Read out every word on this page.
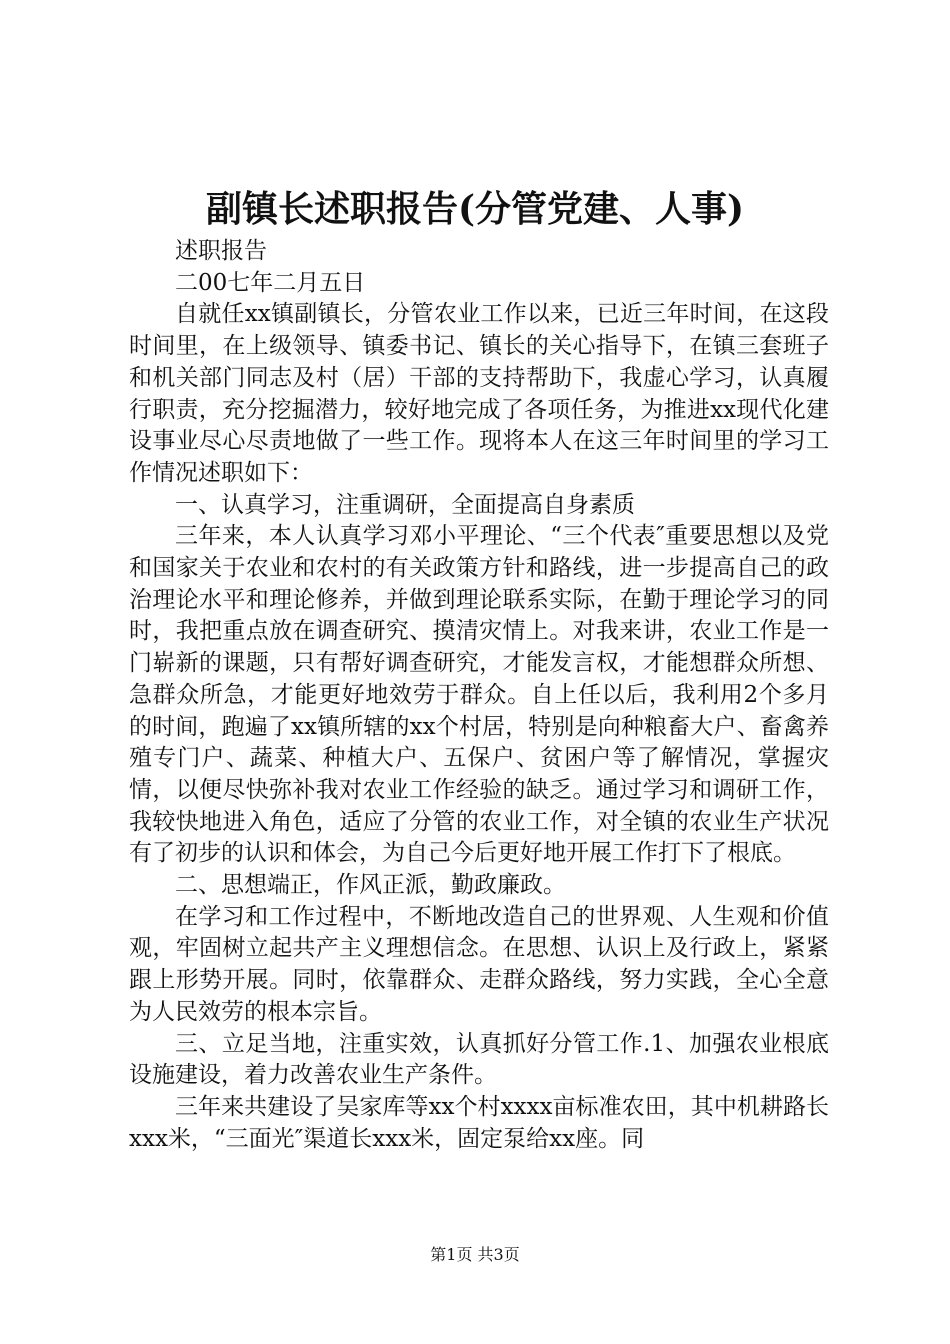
副镇长述职报告(分管党建、人事)

述职报告

二00七年二月五日

自就任xx镇副镇长，分管农业工作以来，已近三年时间，在这段时间里，在上级领导、镇委书记、镇长的关心指导下，在镇三套班子和机关部门同志及村（居）干部的支持帮助下，我虚心学习，认真履行职责，充分挖掘潜力，较好地完成了各项任务，为推进xx现代化建设事业尽心尽责地做了一些工作。现将本人在这三年时间里的学习工作情况述职如下：

一、认真学习，注重调研，全面提高自身素质

三年来，本人认真学习邓小平理论、“三个代表″重要思想以及党和国家关于农业和农村的有关政策方针和路线，进一步提高自己的政治理论水平和理论修养，并做到理论联系实际，在勤于理论学习的同时，我把重点放在调查研究、摸清灾情上。对我来讲，农业工作是一门崭新的课题，只有帮好调查研究，才能发言权，才能想群众所想、急群众所急，才能更好地效劳于群众。自上任以后，我利用2个多月的时间，跑遍了xx镇所辖的xx个村居，特别是向种粮畜大户、畜禽养殖专门户、蔬菜、种植大户、五保户、贫困户等了解情况，掌握灾情，以便尽快弥补我对农业工作经验的缺乏。通过学习和调研工作，我较快地进入角色，适应了分管的农业工作，对全镇的农业生产状况有了初步的认识和体会，为自己今后更好地开展工作打下了根底。

二、思想端正，作风正派，勤政廉政。

在学习和工作过程中，不断地改造自己的世界观、人生观和价值观，牢固树立起共产主义理想信念。在思想、认识上及行政上，紧紧跟上形势开展。同时，依靠群众、走群众路线，努力实践，全心全意为人民效劳的根本宗旨。

三、立足当地，注重实效，认真抓好分管工作.1、加强农业根底设施建设，着力改善农业生产条件。

三年来共建设了吴家库等xx个村xxxx亩标准农田，其中机耕路长xxx米，“三面光″渠道长xxx米，固定泵给xx座。同

第1页 共3页
